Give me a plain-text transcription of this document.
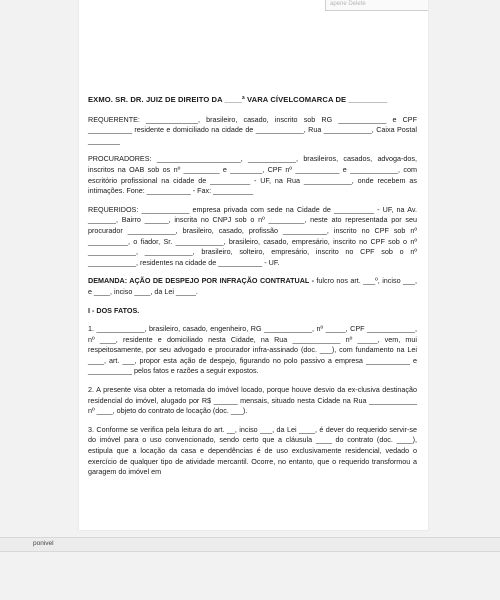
apene Delete

EXMO. SR. DR. JUIZ DE DIREITO DA ____ª VARA CÍVELCOMARCA DE _________

REQUERENTE: _____________, brasileiro, casado, inscrito sob RG ____________ e CPF ___________ residente e domiciliado na cidade de ____________, Rua ____________, Caixa Postal ________

PROCURADORES: _____________________, ____________, brasileiros, casados, advoga-dos, inscritos na OAB sob os nº _________ e ________, CPF nº ___________ e ____________, com escritório profissional na cidade de __________ - UF, na Rua ____________, onde recebem as intimações. Fone: ___________ - Fax: __________

REQUERIDOS: ____________ empresa privada com sede na Cidade de __________ - UF, na Av. _______, Bairro ______, inscrita no CNPJ sob o nº _________, neste ato representada por seu procurador ____________, brasileiro, casado, profissão ___________, inscrito no CPF sob nº __________, o fiador, Sr. ____________, brasileiro, casado, empresário, inscrito no CPF sob o nº ____________, ____________, brasileiro, solteiro, empresário, inscrito no CPF sob o nº ____________, residentes na cidade de ___________ - UF.

DEMANDA: AÇÃO DE DESPEJO POR INFRAÇÃO CONTRATUAL - fulcro nos art. ___º, inciso ___, e ____, inciso ____, da Lei _____.

I - DOS FATOS.

1. ____________, brasileiro, casado, engenheiro, RG ____________, nº _____, CPF ____________, nº ____, residente e domiciliado nesta Cidade, na Rua ____________ nº _____, vem, mui respeitosamente, por seu advogado e procurador infra-assinado (doc. ___), com fundamento na Lei ____, art. ___, propor esta ação de despejo, figurando no polo passivo a empresa ___________ e ___________ pelos fatos e razões a seguir expostos.

2. A presente visa obter a retomada do imóvel locado, porque houve desvio da ex-clusiva destinação residencial do imóvel, alugado por R$ ______ mensais, situado nesta Cidade na Rua ____________ nº ____, objeto do contrato de locação (doc. ___).

3. Conforme se verifica pela leitura do art. __, inciso ___, da Lei ____, é dever do requerido servir-se do imóvel para o uso convencionado, sendo certo que a cláusula ____ do contrato (doc. ____), estipula que a locação da casa e dependências é de uso exclusivamente residencial, vedado o exercício de qualquer tipo de atividade mercantil. Ocorre, no entanto, que o requerido transformou a garagem do imóvel em

ponivel
